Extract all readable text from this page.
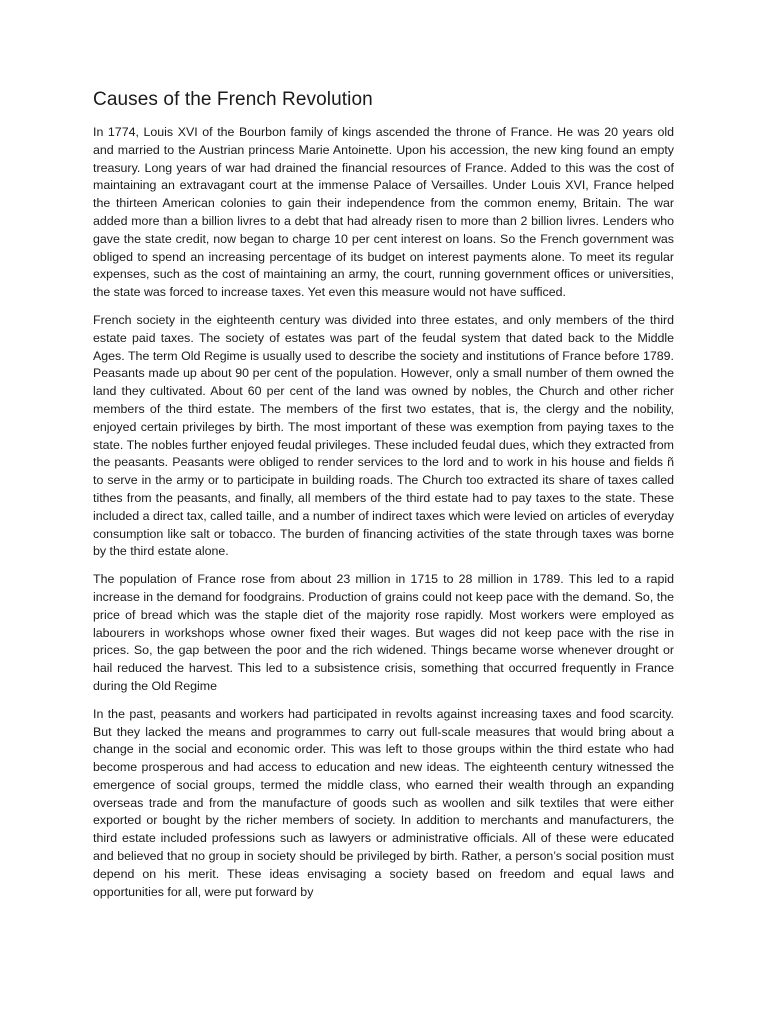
Causes of the French Revolution

In 1774, Louis XVI of the Bourbon family of kings ascended the throne of France. He was 20 years old and married to the Austrian princess Marie Antoinette. Upon his accession, the new king found an empty treasury. Long years of war had drained the financial resources of France. Added to this was the cost of maintaining an extravagant court at the immense Palace of Versailles. Under Louis XVI, France helped the thirteen American colonies to gain their independence from the common enemy, Britain. The war added more than a billion livres to a debt that had already risen to more than 2 billion livres. Lenders who gave the state credit, now began to charge 10 per cent interest on loans. So the French government was obliged to spend an increasing percentage of its budget on interest payments alone. To meet its regular expenses, such as the cost of maintaining an army, the court, running government offices or universities, the state was forced to increase taxes. Yet even this measure would not have sufficed.

French society in the eighteenth century was divided into three estates, and only members of the third estate paid taxes. The society of estates was part of the feudal system that dated back to the Middle Ages. The term Old Regime is usually used to describe the society and institutions of France before 1789. Peasants made up about 90 per cent of the population. However, only a small number of them owned the land they cultivated. About 60 per cent of the land was owned by nobles, the Church and other richer members of the third estate. The members of the first two estates, that is, the clergy and the nobility, enjoyed certain privileges by birth. The most important of these was exemption from paying taxes to the state. The nobles further enjoyed feudal privileges. These included feudal dues, which they extracted from the peasants. Peasants were obliged to render services to the lord and to work in his house and fields ñ to serve in the army or to participate in building roads. The Church too extracted its share of taxes called tithes from the peasants, and finally, all members of the third estate had to pay taxes to the state. These included a direct tax, called taille, and a number of indirect taxes which were levied on articles of everyday consumption like salt or tobacco. The burden of financing activities of the state through taxes was borne by the third estate alone.

The population of France rose from about 23 million in 1715 to 28 million in 1789. This led to a rapid increase in the demand for foodgrains. Production of grains could not keep pace with the demand. So, the price of bread which was the staple diet of the majority rose rapidly. Most workers were employed as labourers in workshops whose owner fixed their wages. But wages did not keep pace with the rise in prices. So, the gap between the poor and the rich widened. Things became worse whenever drought or hail reduced the harvest. This led to a subsistence crisis, something that occurred frequently in France during the Old Regime

In the past, peasants and workers had participated in revolts against increasing taxes and food scarcity. But they lacked the means and programmes to carry out full-scale measures that would bring about a change in the social and economic order. This was left to those groups within the third estate who had become prosperous and had access to education and new ideas. The eighteenth century witnessed the emergence of social groups, termed the middle class, who earned their wealth through an expanding overseas trade and from the manufacture of goods such as woollen and silk textiles that were either exported or bought by the richer members of society. In addition to merchants and manufacturers, the third estate included professions such as lawyers or administrative officials. All of these were educated and believed that no group in society should be privileged by birth. Rather, a person’s social position must depend on his merit. These ideas envisaging a society based on freedom and equal laws and opportunities for all, were put forward by
